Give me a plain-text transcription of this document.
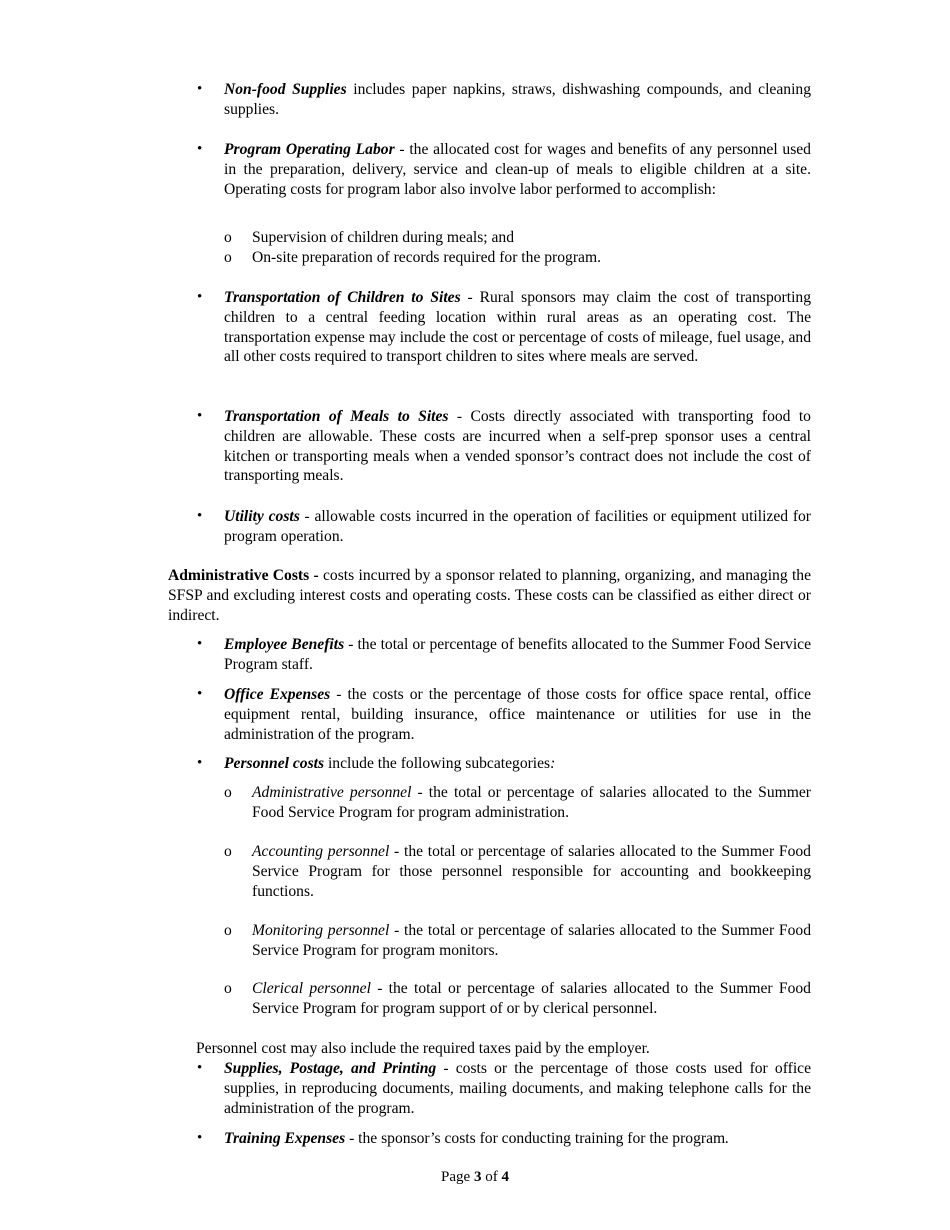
• Non-food Supplies includes paper napkins, straws, dishwashing compounds, and cleaning supplies.

• Program Operating Labor - the allocated cost for wages and benefits of any personnel used in the preparation, delivery, service and clean-up of meals to eligible children at a site. Operating costs for program labor also involve labor performed to accomplish:

o Supervision of children during meals; and

o On-site preparation of records required for the program.

• Transportation of Children to Sites - Rural sponsors may claim the cost of transporting children to a central feeding location within rural areas as an operating cost. The transportation expense may include the cost or percentage of costs of mileage, fuel usage, and all other costs required to transport children to sites where meals are served.

• Transportation of Meals to Sites - Costs directly associated with transporting food to children are allowable. These costs are incurred when a self-prep sponsor uses a central kitchen or transporting meals when a vended sponsor’s contract does not include the cost of transporting meals.

• Utility costs - allowable costs incurred in the operation of facilities or equipment utilized for program operation.

Administrative Costs - costs incurred by a sponsor related to planning, organizing, and managing the SFSP and excluding interest costs and operating costs. These costs can be classified as either direct or indirect.

• Employee Benefits - the total or percentage of benefits allocated to the Summer Food Service Program staff.

• Office Expenses - the costs or the percentage of those costs for office space rental, office equipment rental, building insurance, office maintenance or utilities for use in the administration of the program.

• Personnel costs include the following subcategories:

o Administrative personnel - the total or percentage of salaries allocated to the Summer Food Service Program for program administration.

o Accounting personnel - the total or percentage of salaries allocated to the Summer Food Service Program for those personnel responsible for accounting and bookkeeping functions.

o Monitoring personnel - the total or percentage of salaries allocated to the Summer Food Service Program for program monitors.

o Clerical personnel - the total or percentage of salaries allocated to the Summer Food Service Program for program support of or by clerical personnel.

Personnel cost may also include the required taxes paid by the employer.

• Supplies, Postage, and Printing - costs or the percentage of those costs used for office supplies, in reproducing documents, mailing documents, and making telephone calls for the administration of the program.

• Training Expenses - the sponsor’s costs for conducting training for the program.

Page 3 of 4
